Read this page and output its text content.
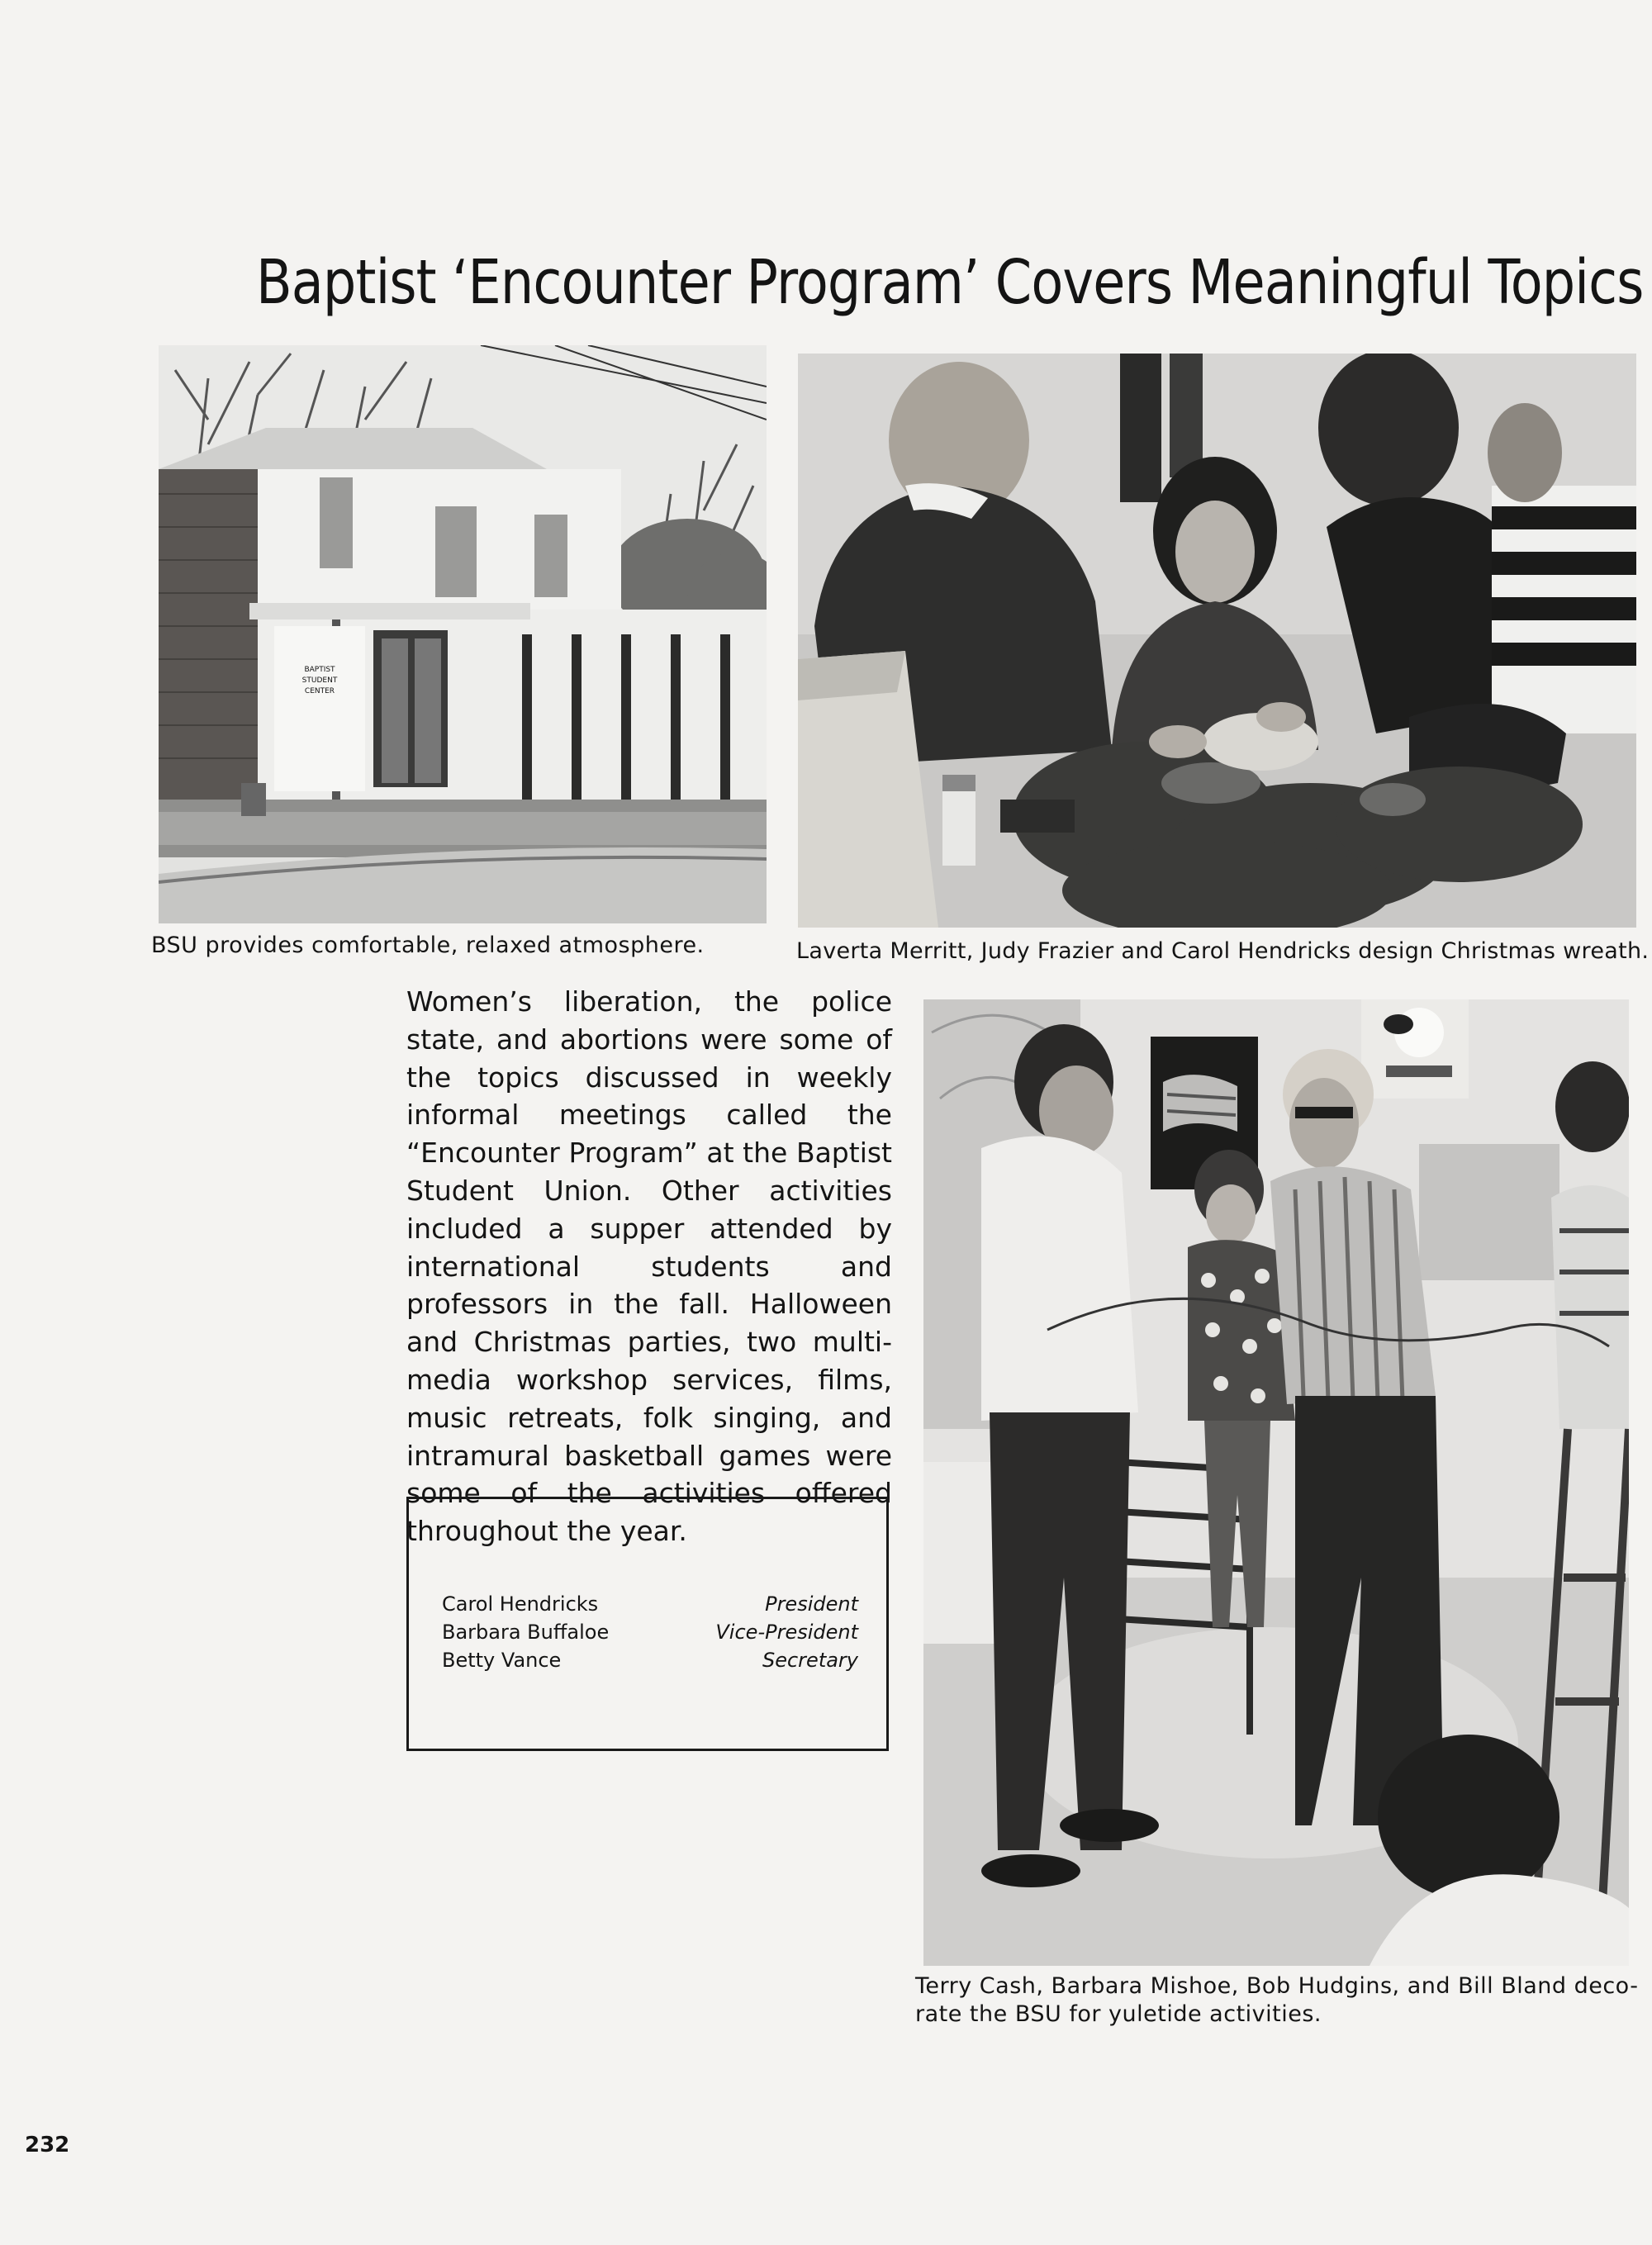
Baptist ‘Encounter Program’ Covers Meaningful Topics
BAPTIST
STUDENT
CENTER
BSU provides comfortable, relaxed atmosphere.	Laverta Merritt, Judy Frazier and Carol Hendricks design Christmas wreath.

Women’s liberation, the police state, and abortions were some of the topics discussed in weekly informal meetings called the “Encounter Program” at the Baptist Student Union. Other activities included a supper attended by international students and professors in the fall. Halloween and Christmas parties, two multi-media workshop services, films, music retreats, folk singing, and intramural basketball games were some of the activities offered throughout the year.

Carol Hendricks	President
Barbara Buffaloe	Vice-President
Betty Vance	Secretary
Terry Cash, Barbara Mishoe, Bob Hudgins, and Bill Bland deco-
rate the BSU for yuletide activities.
232
